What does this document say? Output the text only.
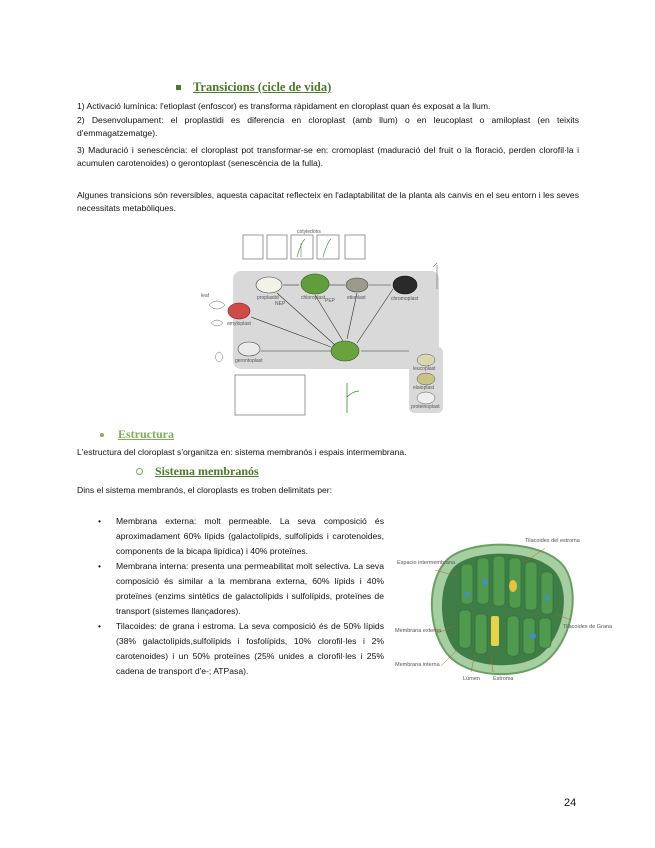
Transicions (cicle de vida)
1) Activació lumínica: l'etioplast (enfoscor) es transforma ràpidament en cloroplast quan és exposat a la llum.
2) Desenvolupament: el proplastidi es diferencia en cloroplast (amb llum) o en leucoplast o amiloplast (en teixits d'emmagatzematge).
3) Maduració i senescència: el cloroplast pot transformar-se en: cromoplast (maduració del fruit o la floració, perden clorofil·la i acumulen carotenoides) o gerontoplast (senescència de la fulla).
Algunes transicions són reversibles, aquesta capacitat reflecteix en l'adaptabilitat de la planta als canvis en el seu entorn i les seves necessitats metabòliques.
proplastid	chloroplast	etioplast	chromoplast
amyloplast
gerontoplast
leucoplast
elaioplast
proteinoplast
cotyledons
leaf
PEP
NEP
Estructura
L'estructura del cloroplast s'organitza en: sistema membranós i espais intermembrana.
Sistema membranós
Dins el sistema membranós, el cloroplasts es troben delimitats per:
• Membrana externa: molt permeable. La seva composició és aproximadament 60% lípids (galactolípids, sulfolípids i carotenoides, components de la bicapa lipídica) i 40% proteïnes.
• Membrana interna: presenta una permeabilitat molt selectiva. La seva composició és similar a la membrana externa, 60% lípids i 40% proteïnes (enzims sintètics de galactolípids i sulfolípids, proteïnes de transport (sistemes llançadores).
• Tilacoides: de grana i estroma. La seva composició és de 50% lípids (38% galactolípids,sulfolípids i fosfolípids, 10% clorofil·les i 2% carotenoides) i un 50% proteïnes (25% unides a clorofil·les i 25% cadena de transport d'e-; ATPasa).
Espacio intermembrana
Tilacoides del estroma
Membrana externa
Membrana interna
Estroma
Tilacoides de Grana
Lúmen
24
